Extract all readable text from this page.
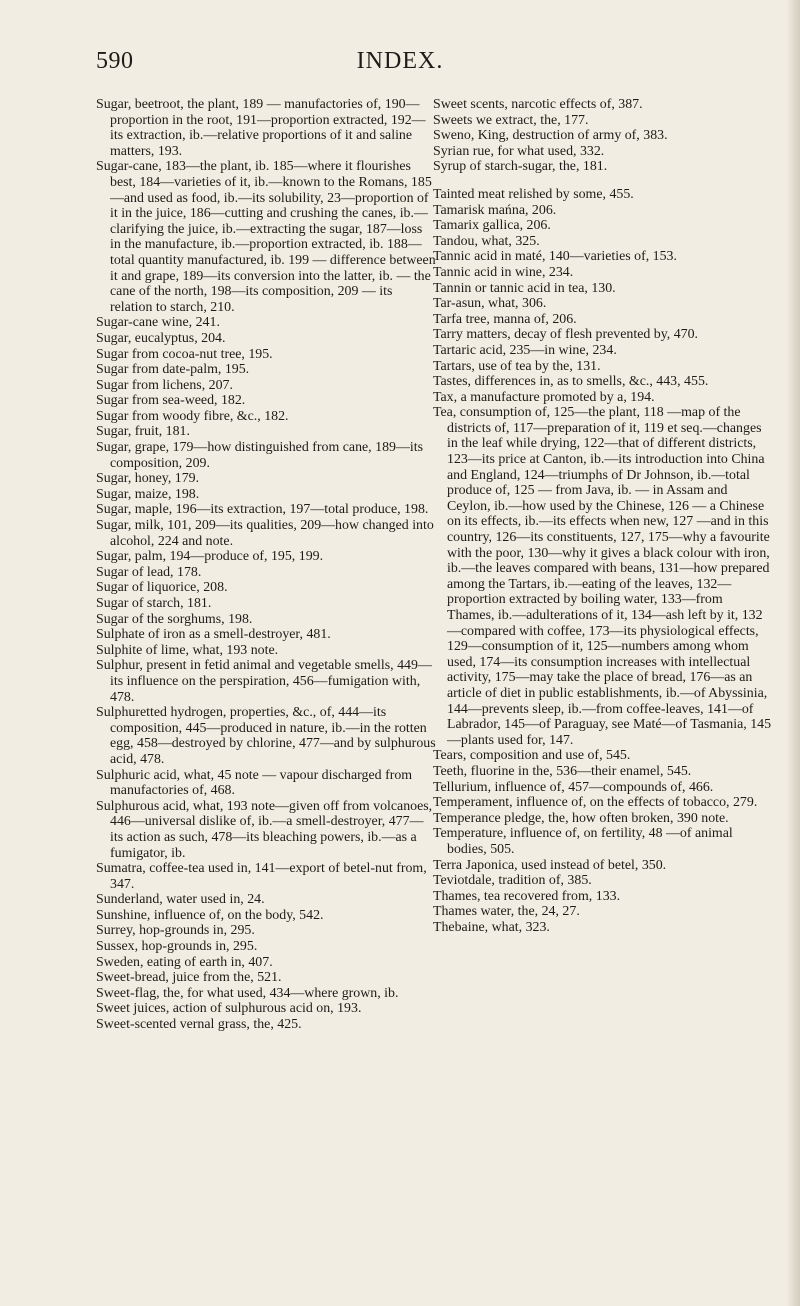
590	INDEX.

Sugar, beetroot, the plant, 189 — manufactories of, 190—proportion in the root, 191—proportion extracted, 192—its extraction, ib.—relative proportions of it and saline matters, 193.

Sugar-cane, 183—the plant, ib. 185—where it flourishes best, 184—varieties of it, ib.—known to the Romans, 185 —and used as food, ib.—its solubility, 23—proportion of it in the juice, 186—cutting and crushing the canes, ib.—clarifying the juice, ib.—extracting the sugar, 187—loss in the manufacture, ib.—proportion extracted, ib. 188—total quantity manufactured, ib. 199 — difference between it and grape, 189—its conversion into the latter, ib. — the cane of the north, 198—its composition, 209 — its relation to starch, 210.

Sugar-cane wine, 241.

Sugar, eucalyptus, 204.

Sugar from cocoa-nut tree, 195.

Sugar from date-palm, 195.

Sugar from lichens, 207.

Sugar from sea-weed, 182.

Sugar from woody fibre, &c., 182.

Sugar, fruit, 181.

Sugar, grape, 179—how distinguished from cane, 189—its composition, 209.

Sugar, honey, 179.

Sugar, maize, 198.

Sugar, maple, 196—its extraction, 197—total produce, 198.

Sugar, milk, 101, 209—its qualities, 209—how changed into alcohol, 224 and note.

Sugar, palm, 194—produce of, 195, 199.

Sugar of lead, 178.

Sugar of liquorice, 208.

Sugar of starch, 181.

Sugar of the sorghums, 198.

Sulphate of iron as a smell-destroyer, 481.

Sulphite of lime, what, 193 note.

Sulphur, present in fetid animal and vegetable smells, 449—its influence on the perspiration, 456—fumigation with, 478.

Sulphuretted hydrogen, properties, &c., of, 444—its composition, 445—produced in nature, ib.—in the rotten egg, 458—destroyed by chlorine, 477—and by sulphurous acid, 478.

Sulphuric acid, what, 45 note — vapour discharged from manufactories of, 468.

Sulphurous acid, what, 193 note—given off from volcanoes, 446—universal dislike of, ib.—a smell-destroyer, 477—its action as such, 478—its bleaching powers, ib.—as a fumigator, ib.

Sumatra, coffee-tea used in, 141—export of betel-nut from, 347.

Sunderland, water used in, 24.

Sunshine, influence of, on the body, 542.

Surrey, hop-grounds in, 295.

Sussex, hop-grounds in, 295.

Sweden, eating of earth in, 407.

Sweet-bread, juice from the, 521.

Sweet-flag, the, for what used, 434—where grown, ib.

Sweet juices, action of sulphurous acid on, 193.

Sweet-scented vernal grass, the, 425.

Sweet scents, narcotic effects of, 387.

Sweets we extract, the, 177.

Sweno, King, destruction of army of, 383.

Syrian rue, for what used, 332.

Syrup of starch-sugar, the, 181.

Tainted meat relished by some, 455.

Tamarisk mańna, 206.

Tamarix gallica, 206.

Tandou, what, 325.

Tannic acid in maté, 140—varieties of, 153.

Tannic acid in wine, 234.

Tannin or tannic acid in tea, 130.

Tar-asun, what, 306.

Tarfa tree, manna of, 206.

Tarry matters, decay of flesh prevented by, 470.

Tartaric acid, 235—in wine, 234.

Tartars, use of tea by the, 131.

Tastes, differences in, as to smells, &c., 443, 455.

Tax, a manufacture promoted by a, 194.

Tea, consumption of, 125—the plant, 118 —map of the districts of, 117—preparation of it, 119 et seq.—changes in the leaf while drying, 122—that of different districts, 123—its price at Canton, ib.—its introduction into China and England, 124—triumphs of Dr Johnson, ib.—total produce of, 125 — from Java, ib. — in Assam and Ceylon, ib.—how used by the Chinese, 126 — a Chinese on its effects, ib.—its effects when new, 127 —and in this country, 126—its constituents, 127, 175—why a favourite with the poor, 130—why it gives a black colour with iron, ib.—the leaves compared with beans, 131—how prepared among the Tartars, ib.—eating of the leaves, 132—proportion extracted by boiling water, 133—from Thames, ib.—adulterations of it, 134—ash left by it, 132—compared with coffee, 173—its physiological effects, 129—consumption of it, 125—numbers among whom used, 174—its consumption increases with intellectual activity, 175—may take the place of bread, 176—as an article of diet in public establishments, ib.—of Abyssinia, 144—prevents sleep, ib.—from coffee-leaves, 141—of Labrador, 145—of Paraguay, see Maté—of Tasmania, 145—plants used for, 147.

Tears, composition and use of, 545.

Teeth, fluorine in the, 536—their enamel, 545.

Tellurium, influence of, 457—compounds of, 466.

Temperament, influence of, on the effects of tobacco, 279.

Temperance pledge, the, how often broken, 390 note.

Temperature, influence of, on fertility, 48 —of animal bodies, 505.

Terra Japonica, used instead of betel, 350.

Teviotdale, tradition of, 385.

Thames, tea recovered from, 133.

Thames water, the, 24, 27.

Thebaine, what, 323.
